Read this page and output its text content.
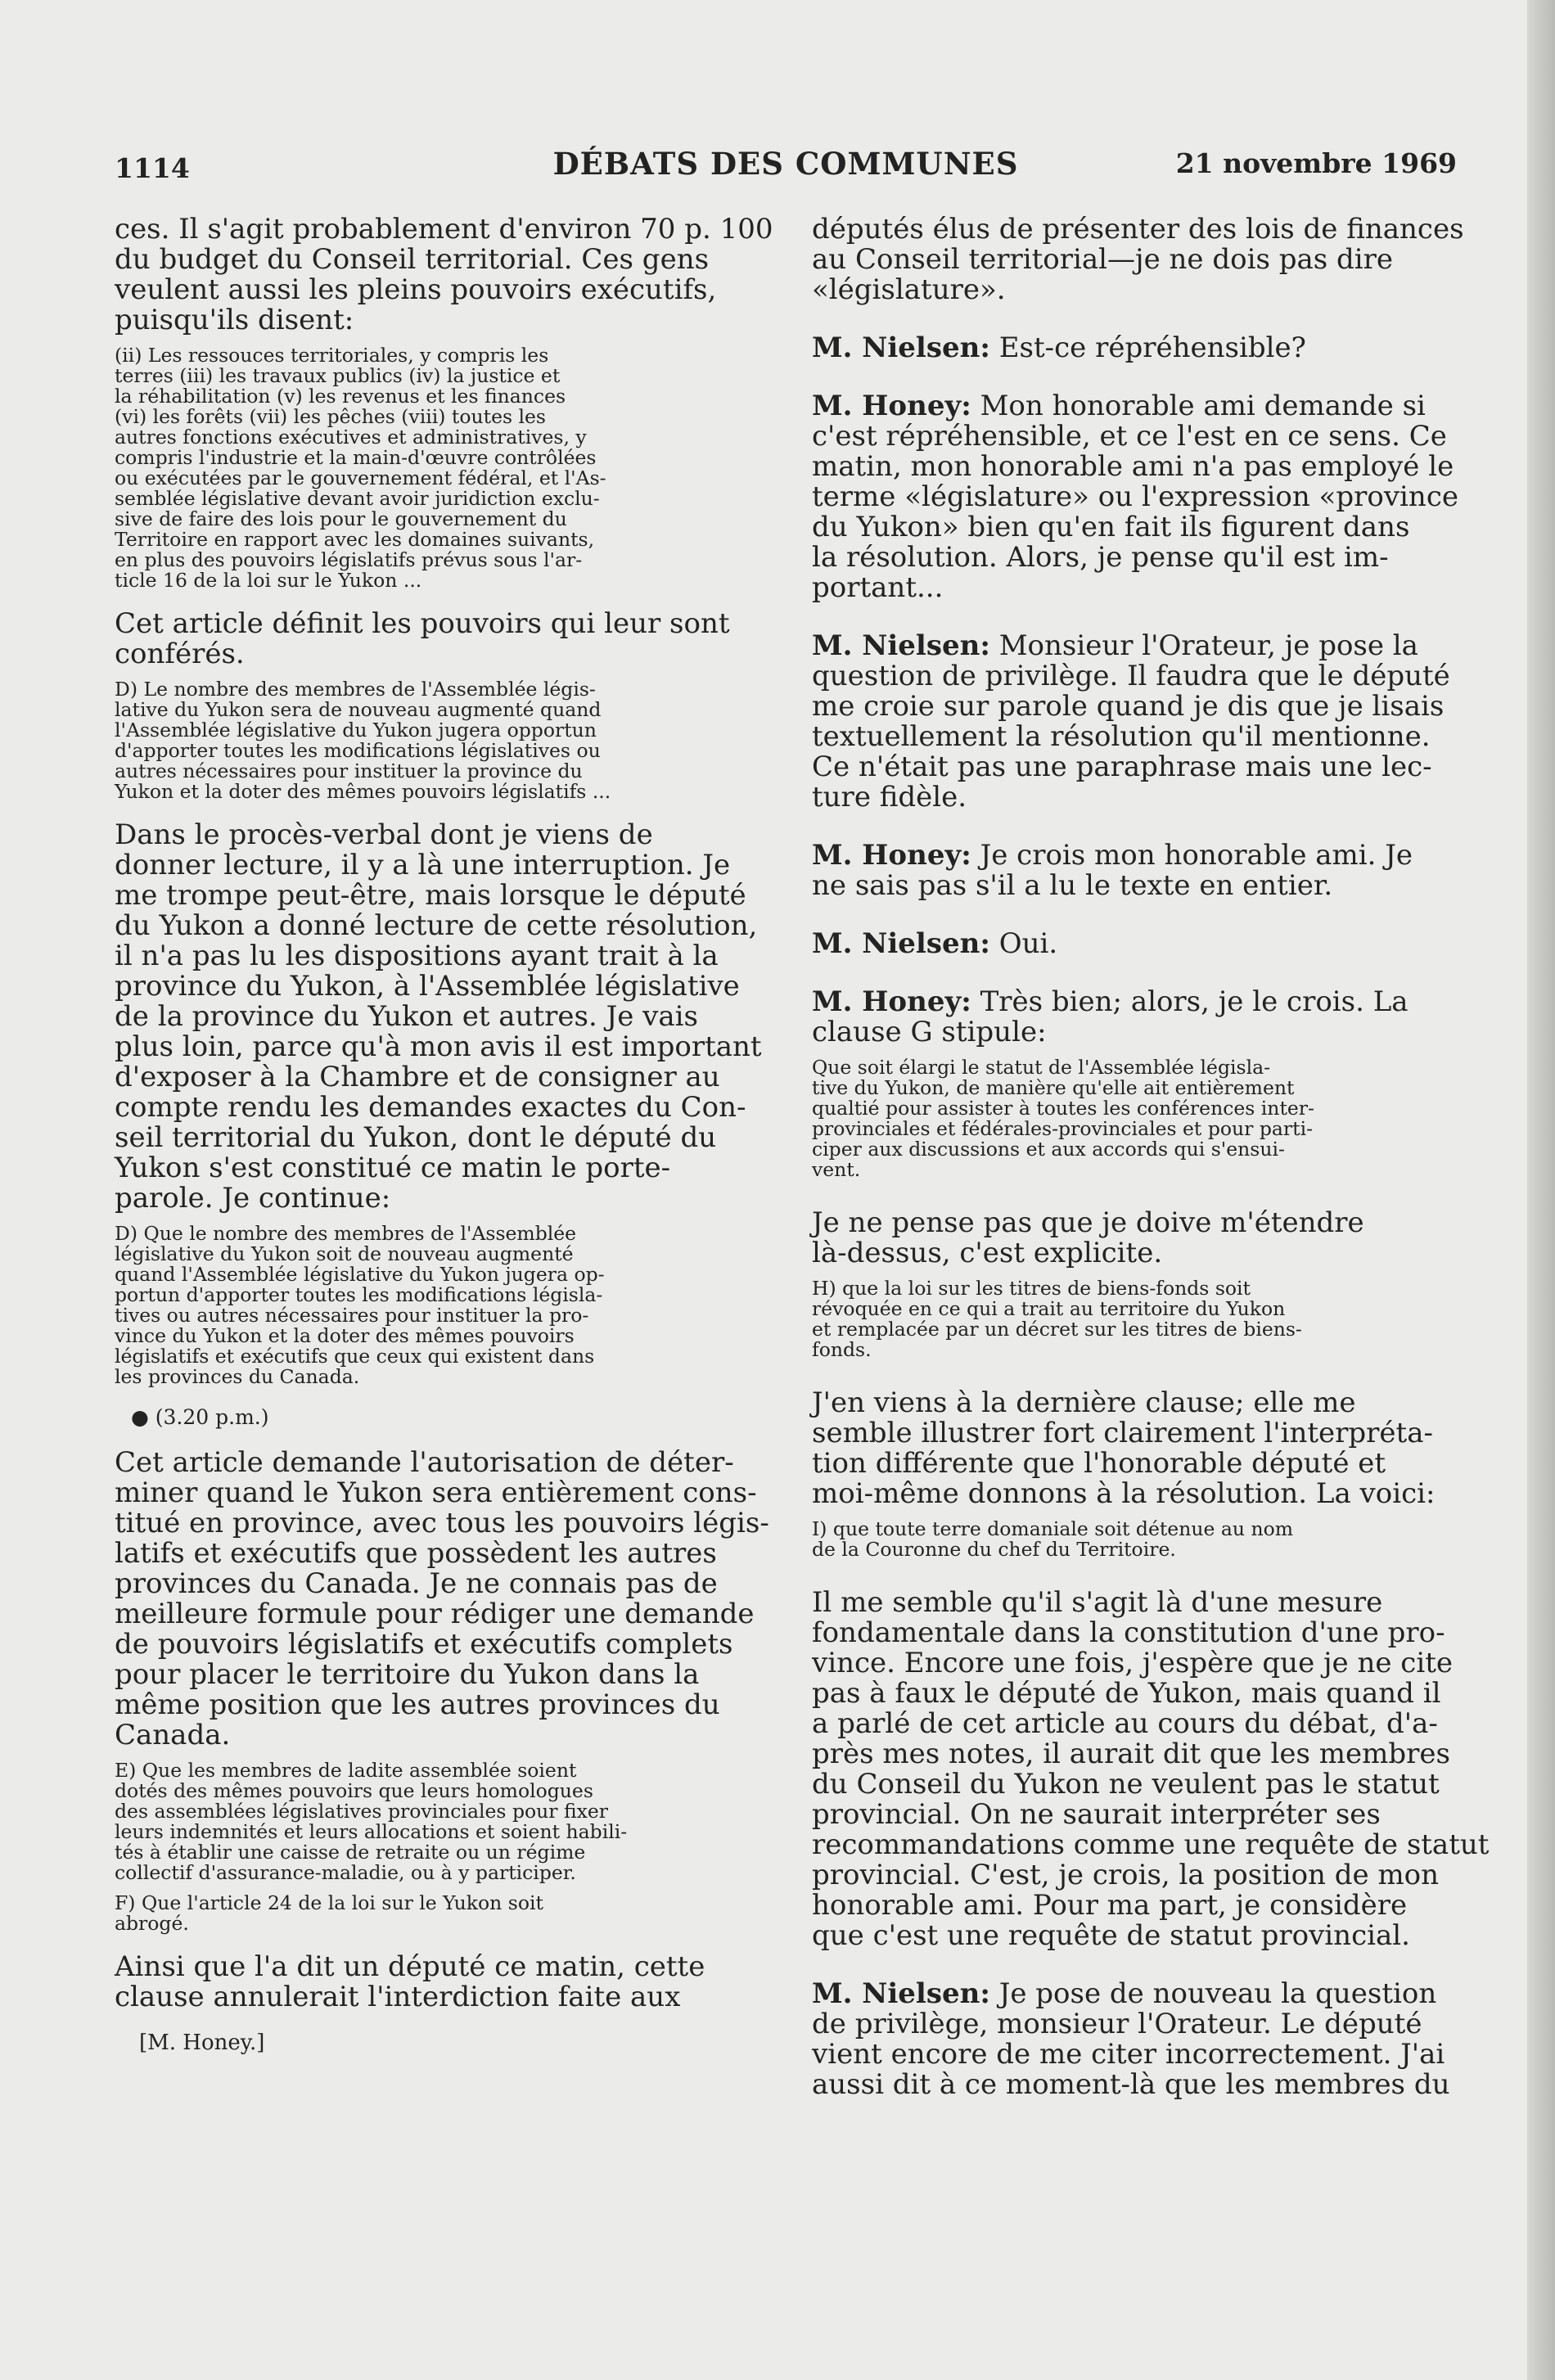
1114	DÉBATS DES COMMUNES	21 novembre 1969

ces. Il s'agit probablement d'environ 70 p. 100
du budget du Conseil territorial. Ces gens
veulent aussi les pleins pouvoirs exécutifs,
puisqu'ils disent:

(ii) Les ressouces territoriales, y compris les
terres (iii) les travaux publics (iv) la justice et
la réhabilitation (v) les revenus et les finances
(vi) les forêts (vii) les pêches (viii) toutes les
autres fonctions exécutives et administratives, y
compris l'industrie et la main-d'œuvre contrôlées
ou exécutées par le gouvernement fédéral, et l'As-
semblée législative devant avoir juridiction exclu-
sive de faire des lois pour le gouvernement du
Territoire en rapport avec les domaines suivants,
en plus des pouvoirs législatifs prévus sous l'ar-
ticle 16 de la loi sur le Yukon ...

Cet article définit les pouvoirs qui leur sont
conférés.

D) Le nombre des membres de l'Assemblée légis-
lative du Yukon sera de nouveau augmenté quand
l'Assemblée législative du Yukon jugera opportun
d'apporter toutes les modifications législatives ou
autres nécessaires pour instituer la province du
Yukon et la doter des mêmes pouvoirs législatifs ...

Dans le procès-verbal dont je viens de
donner lecture, il y a là une interruption. Je
me trompe peut-être, mais lorsque le député
du Yukon a donné lecture de cette résolution,
il n'a pas lu les dispositions ayant trait à la
province du Yukon, à l'Assemblée législative
de la province du Yukon et autres. Je vais
plus loin, parce qu'à mon avis il est important
d'exposer à la Chambre et de consigner au
compte rendu les demandes exactes du Con-
seil territorial du Yukon, dont le député du
Yukon s'est constitué ce matin le porte-
parole. Je continue:

D) Que le nombre des membres de l'Assemblée
législative du Yukon soit de nouveau augmenté
quand l'Assemblée législative du Yukon jugera op-
portun d'apporter toutes les modifications législa-
tives ou autres nécessaires pour instituer la pro-
vince du Yukon et la doter des mêmes pouvoirs
législatifs et exécutifs que ceux qui existent dans
les provinces du Canada.

● (3.20 p.m.)

Cet article demande l'autorisation de déter-
miner quand le Yukon sera entièrement cons-
titué en province, avec tous les pouvoirs légis-
latifs et exécutifs que possèdent les autres
provinces du Canada. Je ne connais pas de
meilleure formule pour rédiger une demande
de pouvoirs législatifs et exécutifs complets
pour placer le territoire du Yukon dans la
même position que les autres provinces du
Canada.

E) Que les membres de ladite assemblée soient
dotés des mêmes pouvoirs que leurs homologues
des assemblées législatives provinciales pour fixer
leurs indemnités et leurs allocations et soient habili-
tés à établir une caisse de retraite ou un régime
collectif d'assurance-maladie, ou à y participer.

F) Que l'article 24 de la loi sur le Yukon soit
abrogé.

Ainsi que l'a dit un député ce matin, cette
clause annulerait l'interdiction faite aux

[M. Honey.]

députés élus de présenter des lois de finances
au Conseil territorial—je ne dois pas dire
«législature».

M. Nielsen: Est-ce répréhensible?

M. Honey: Mon honorable ami demande si
c'est répréhensible, et ce l'est en ce sens. Ce
matin, mon honorable ami n'a pas employé le
terme «législature» ou l'expression «province
du Yukon» bien qu'en fait ils figurent dans
la résolution. Alors, je pense qu'il est im-
portant...

M. Nielsen: Monsieur l'Orateur, je pose la
question de privilège. Il faudra que le député
me croie sur parole quand je dis que je lisais
textuellement la résolution qu'il mentionne.
Ce n'était pas une paraphrase mais une lec-
ture fidèle.

M. Honey: Je crois mon honorable ami. Je
ne sais pas s'il a lu le texte en entier.

M. Nielsen: Oui.

M. Honey: Très bien; alors, je le crois. La
clause G stipule:

Que soit élargi le statut de l'Assemblée législa-
tive du Yukon, de manière qu'elle ait entièrement
qualtié pour assister à toutes les conférences inter-
provinciales et fédérales-provinciales et pour parti-
ciper aux discussions et aux accords qui s'ensui-
vent.

Je ne pense pas que je doive m'étendre
là-dessus, c'est explicite.

H) que la loi sur les titres de biens-fonds soit
révoquée en ce qui a trait au territoire du Yukon
et remplacée par un décret sur les titres de biens-
fonds.

J'en viens à la dernière clause; elle me
semble illustrer fort clairement l'interpréta-
tion différente que l'honorable député et
moi-même donnons à la résolution. La voici:

I) que toute terre domaniale soit détenue au nom
de la Couronne du chef du Territoire.

Il me semble qu'il s'agit là d'une mesure
fondamentale dans la constitution d'une pro-
vince. Encore une fois, j'espère que je ne cite
pas à faux le député de Yukon, mais quand il
a parlé de cet article au cours du débat, d'a-
près mes notes, il aurait dit que les membres
du Conseil du Yukon ne veulent pas le statut
provincial. On ne saurait interpréter ses
recommandations comme une requête de statut
provincial. C'est, je crois, la position de mon
honorable ami. Pour ma part, je considère
que c'est une requête de statut provincial.

M. Nielsen: Je pose de nouveau la question
de privilège, monsieur l'Orateur. Le député
vient encore de me citer incorrectement. J'ai
aussi dit à ce moment-là que les membres du
